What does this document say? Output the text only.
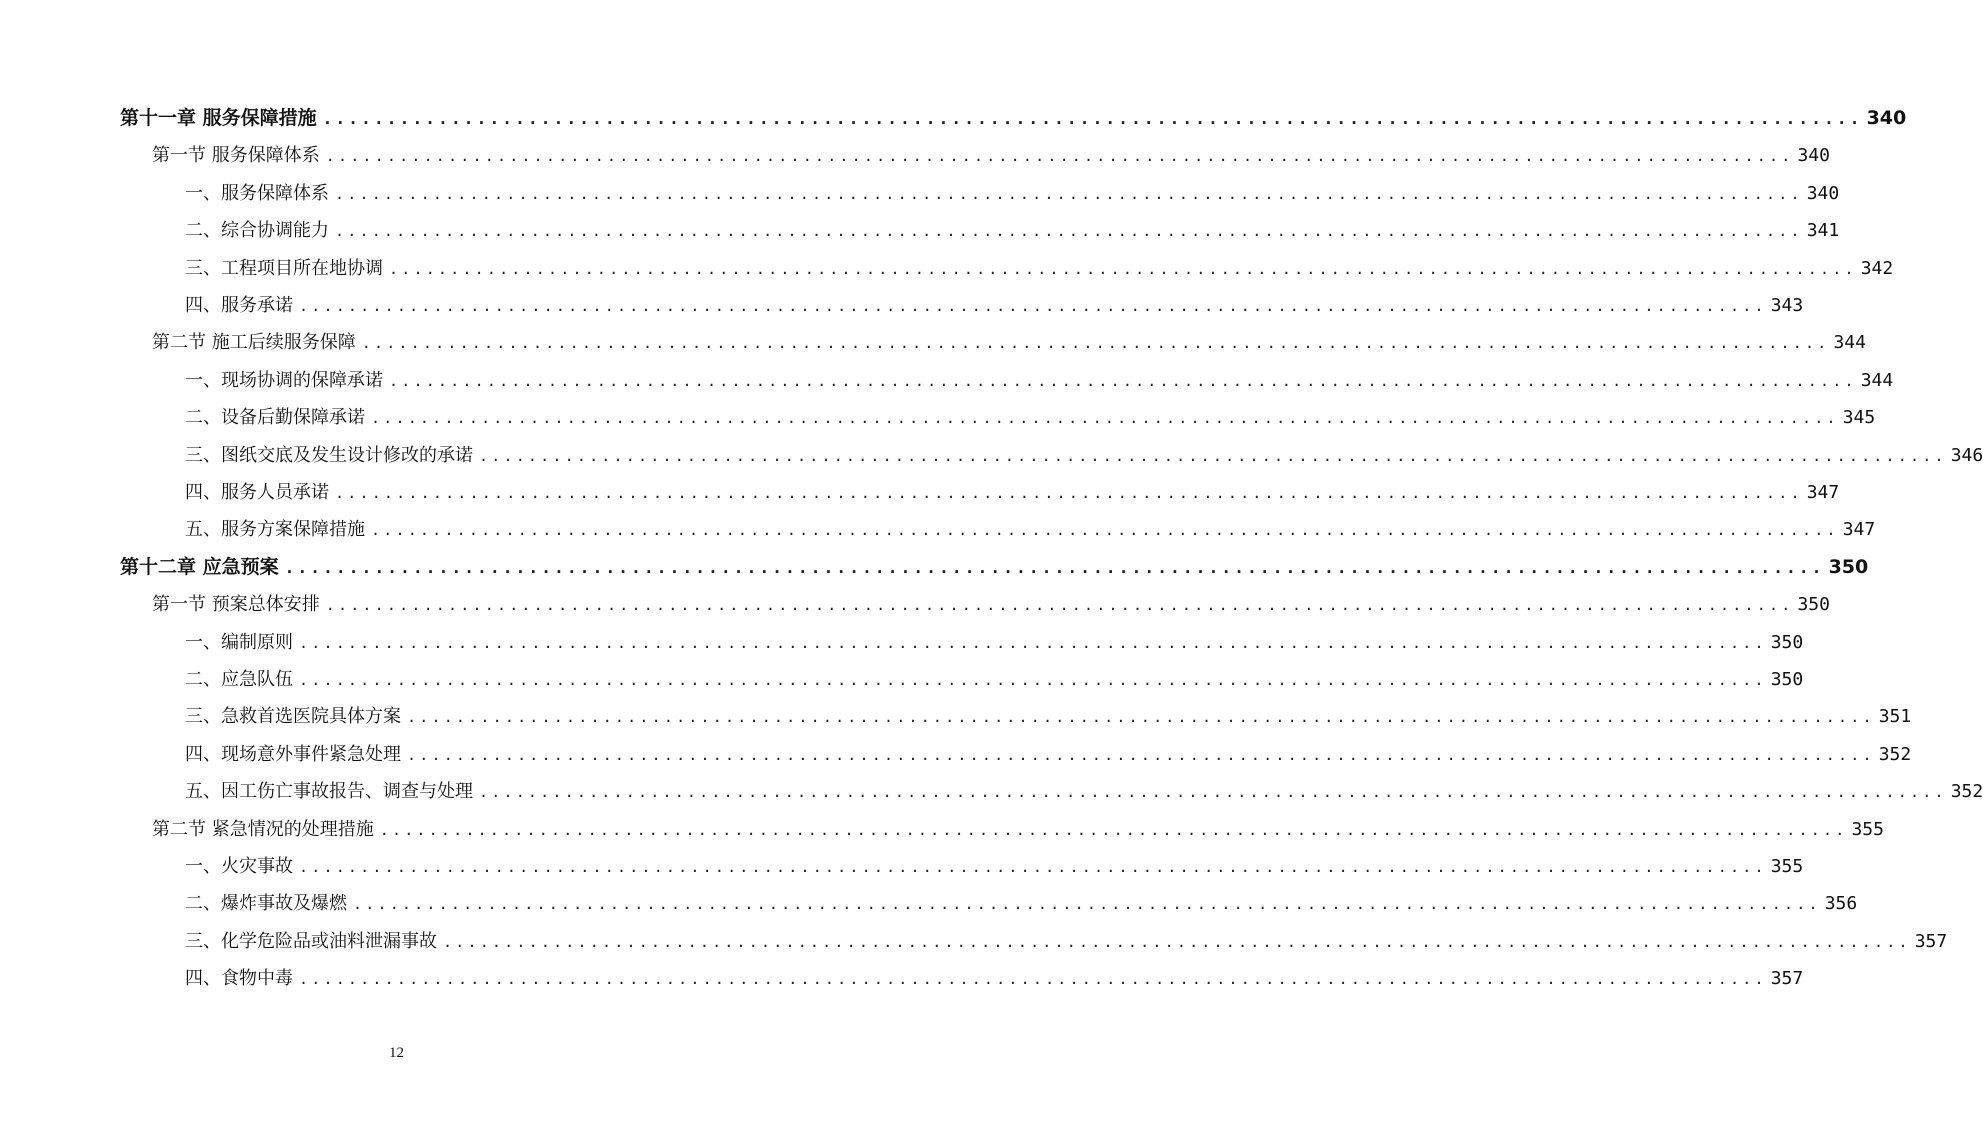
第十一章 服务保障措施 ........................................................................................................................ 340
第一节 服务保障体系 ........................................................................................................................ 340
一、服务保障体系 ........................................................................................................................ 340
二、综合协调能力 ........................................................................................................................ 341
三、工程项目所在地协调 ........................................................................................................................ 342
四、服务承诺 ........................................................................................................................ 343
第二节 施工后续服务保障 ........................................................................................................................ 344
一、现场协调的保障承诺 ........................................................................................................................ 344
二、设备后勤保障承诺 ........................................................................................................................ 345
三、图纸交底及发生设计修改的承诺 ........................................................................................................................ 346
四、服务人员承诺 ........................................................................................................................ 347
五、服务方案保障措施 ........................................................................................................................ 347
第十二章 应急预案 ........................................................................................................................ 350
第一节 预案总体安排 ........................................................................................................................ 350
一、编制原则 ........................................................................................................................ 350
二、应急队伍 ........................................................................................................................ 350
三、急救首选医院具体方案 ........................................................................................................................ 351
四、现场意外事件紧急处理 ........................................................................................................................ 352
五、因工伤亡事故报告、调查与处理 ........................................................................................................................ 352
第二节 紧急情况的处理措施 ........................................................................................................................ 355
一、火灾事故 ........................................................................................................................ 355
二、爆炸事故及爆燃 ........................................................................................................................ 356
三、化学危险品或油料泄漏事故 ........................................................................................................................ 357
四、食物中毒 ........................................................................................................................ 357
12
